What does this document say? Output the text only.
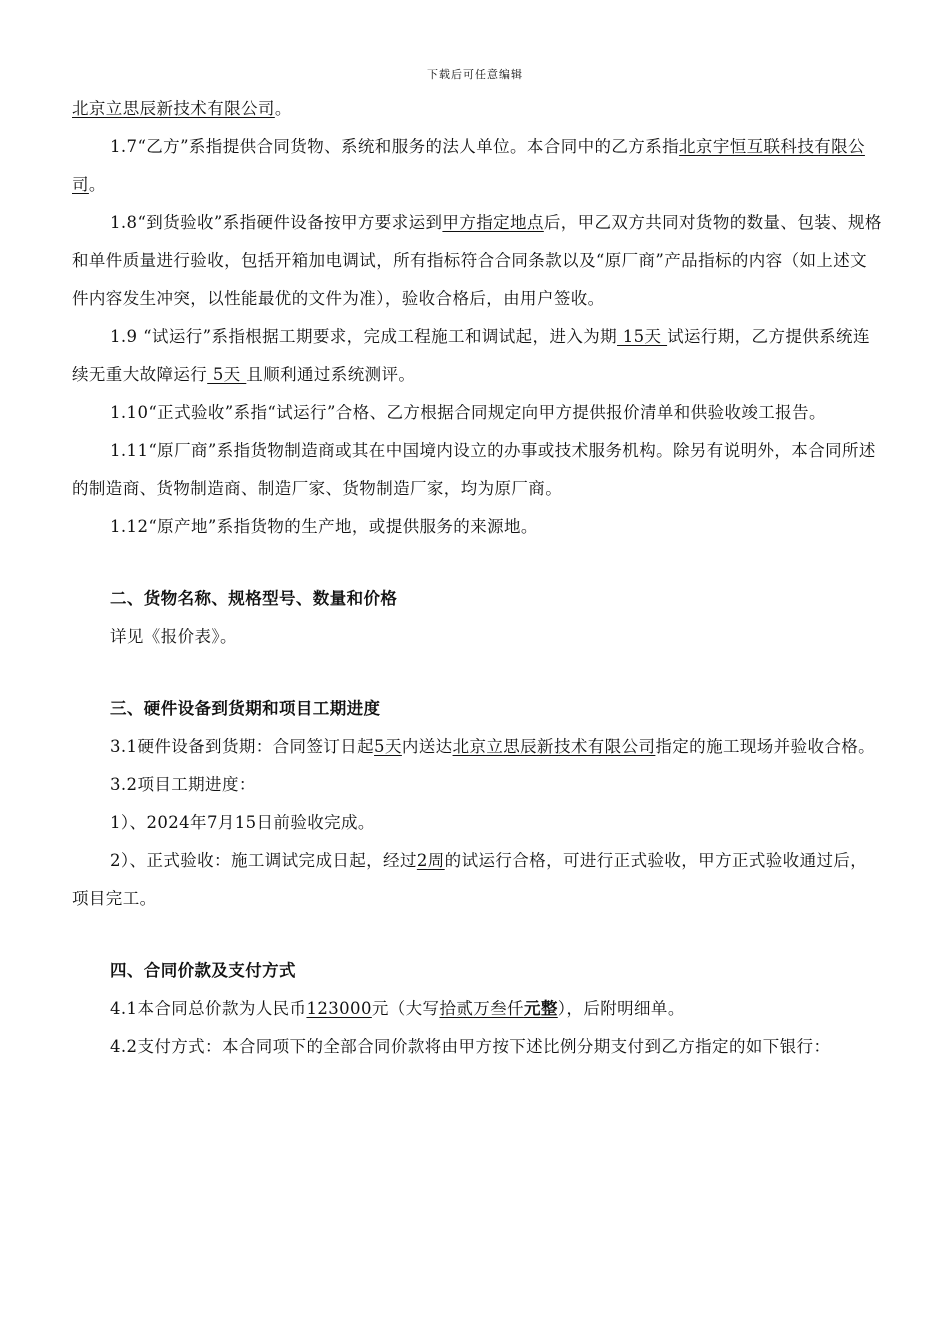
下载后可任意编辑

北京立思辰新技术有限公司。

1.7“乙方”系指提供合同货物、系统和服务的法人单位。本合同中的乙方系指北京宇恒互联科技有限公司。

1.8“到货验收”系指硬件设备按甲方要求运到甲方指定地点后，甲乙双方共同对货物的数量、包装、规格和单件质量进行验收，包括开箱加电调试，所有指标符合合同条款以及“原厂商”产品指标的内容（如上述文件内容发生冲突，以性能最优的文件为准），验收合格后，由用户签收。

1.9 “试运行”系指根据工期要求，完成工程施工和调试起，进入为期 15天 试运行期，乙方提供系统连续无重大故障运行 5天 且顺利通过系统测评。

1.10“正式验收”系指“试运行”合格、乙方根据合同规定向甲方提供报价清单和供验收竣工报告。

1.11“原厂商”系指货物制造商或其在中国境内设立的办事或技术服务机构。除另有说明外，本合同所述的制造商、货物制造商、制造厂家、货物制造厂家，均为原厂商。

1.12“原产地”系指货物的生产地，或提供服务的来源地。

二、货物名称、规格型号、数量和价格

详见《报价表》。

三、硬件设备到货期和项目工期进度

3.1硬件设备到货期：合同签订日起5天内送达北京立思辰新技术有限公司指定的施工现场并验收合格。

3.2项目工期进度：

1）、2024年7月15日前验收完成。

2）、正式验收：施工调试完成日起，经过2周的试运行合格，可进行正式验收，甲方正式验收通过后，项目完工。

四、合同价款及支付方式

4.1本合同总价款为人民币123000元（大写拾贰万叁仟元整），后附明细单。

4.2支付方式：本合同项下的全部合同价款将由甲方按下述比例分期支付到乙方指定的如下银行：
